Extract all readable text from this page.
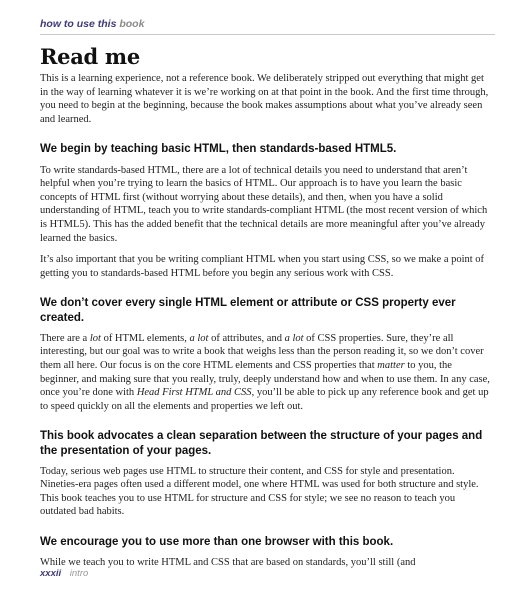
how to use this book
Read me

This is a learning experience, not a reference book. We deliberately stripped out everything that might get in the way of learning whatever it is we’re working on at that point in the book. And the first time through, you need to begin at the beginning, because the book makes assumptions about what you’ve already seen and learned.

We begin by teaching basic HTML, then standards-based HTML5.

To write standards-based HTML, there are a lot of technical details you need to understand that aren’t helpful when you’re trying to learn the basics of HTML. Our approach is to have you learn the basic concepts of HTML first (without worrying about these details), and then, when you have a solid understanding of HTML, teach you to write standards-compliant HTML (the most recent version of which is HTML5). This has the added benefit that the technical details are more meaningful after you’ve already learned the basics.

It’s also important that you be writing compliant HTML when you start using CSS, so we make a point of getting you to standards-based HTML before you begin any serious work with CSS.

We don’t cover every single HTML element or attribute or CSS property ever created.

There are a lot of HTML elements, a lot of attributes, and a lot of CSS properties. Sure, they’re all interesting, but our goal was to write a book that weighs less than the person reading it, so we don’t cover them all here. Our focus is on the core HTML elements and CSS properties that matter to you, the beginner, and making sure that you really, truly, deeply understand how and when to use them. In any case, once you’re done with Head First HTML and CSS, you’ll be able to pick up any reference book and get up to speed quickly on all the elements and properties we left out.

This book advocates a clean separation between the structure of your pages and the presentation of your pages.

Today, serious web pages use HTML to structure their content, and CSS for style and presentation. Nineties-era pages often used a different model, one where HTML was used for both structure and style. This book teaches you to use HTML for structure and CSS for style; we see no reason to teach you outdated bad habits.

We encourage you to use more than one browser with this book.

While we teach you to write HTML and CSS that are based on standards, you’ll still (and

xxxii intro
